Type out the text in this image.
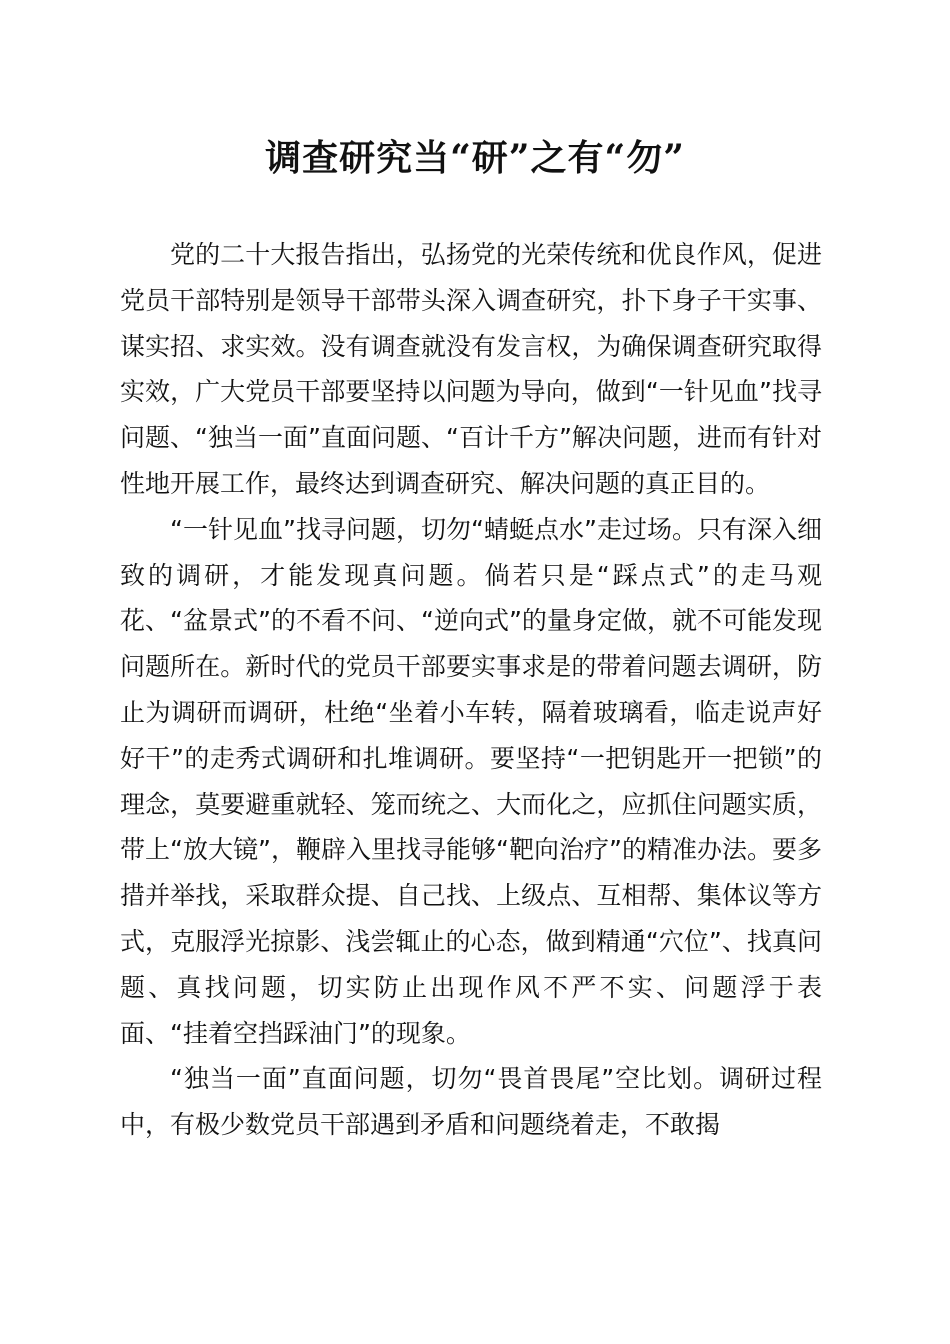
调查研究当“研”之有“勿”

党的二十大报告指出，弘扬党的光荣传统和优良作风，促进党员干部特别是领导干部带头深入调查研究，扑下身子干实事、谋实招、求实效。没有调查就没有发言权，为确保调查研究取得实效，广大党员干部要坚持以问题为导向，做到“一针见血”找寻问题、“独当一面”直面问题、“百计千方”解决问题，进而有针对性地开展工作，最终达到调查研究、解决问题的真正目的。

“一针见血”找寻问题，切勿“蜻蜓点水”走过场。只有深入细致的调研，才能发现真问题。倘若只是“踩点式”的走马观花、“盆景式”的不看不问、“逆向式”的量身定做，就不可能发现问题所在。新时代的党员干部要实事求是的带着问题去调研，防止为调研而调研，杜绝“坐着小车转，隔着玻璃看，临走说声好好干”的走秀式调研和扎堆调研。要坚持“一把钥匙开一把锁”的理念，莫要避重就轻、笼而统之、大而化之，应抓住问题实质，带上“放大镜”，鞭辟入里找寻能够“靶向治疗”的精准办法。要多措并举找，采取群众提、自己找、上级点、互相帮、集体议等方式，克服浮光掠影、浅尝辄止的心态，做到精通“穴位”、找真问题、真找问题，切实防止出现作风不严不实、问题浮于表面、“挂着空挡踩油门”的现象。

“独当一面”直面问题，切勿“畏首畏尾”空比划。调研过程中，有极少数党员干部遇到矛盾和问题绕着走，不敢揭
